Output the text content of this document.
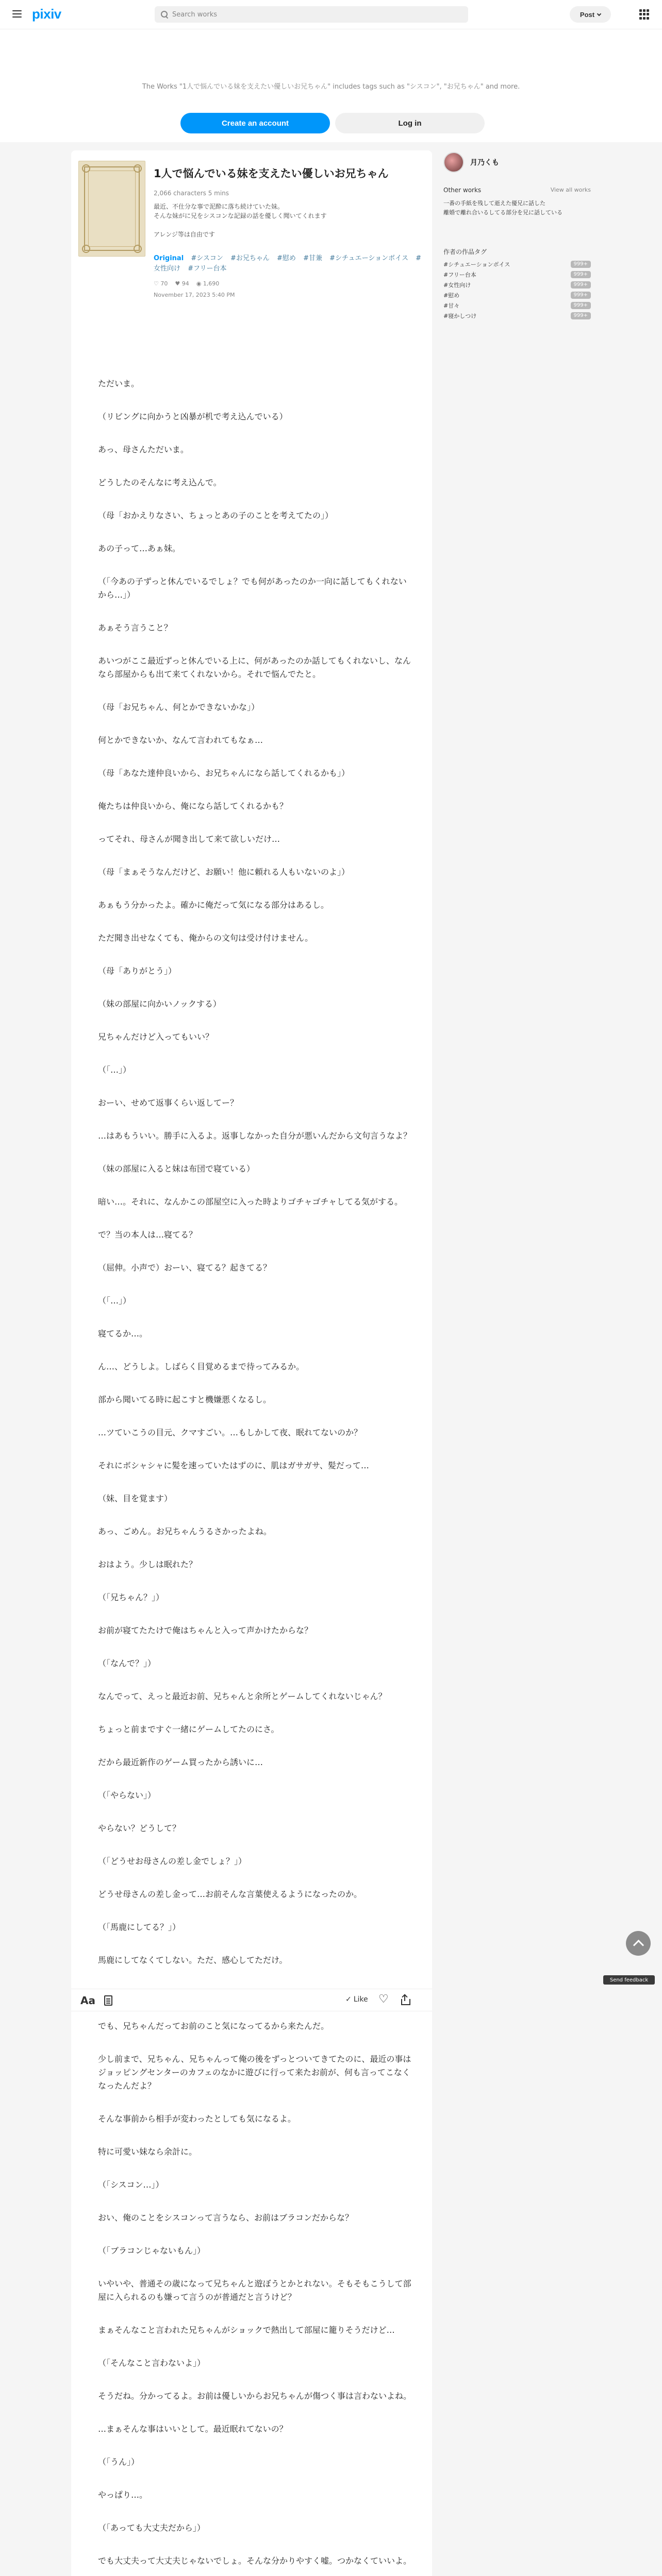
pixiv
Search works	Post
The Works "1人で悩んでいる妹を支えたい優しいお兄ちゃん" includes tags such as "シスコン", "お兄ちゃん" and more.
Create an account	Log in
1人で悩んでいる妹を支えたい優しいお兄ちゃん
2,066 characters 5 mins
最近、不仕分な事で泥酔に落ち続けていた妹。
そんな妹がに兄をシスコンな記録の話を優しく聞いてくれます

アレンジ等は自由です
Original #シスコン #お兄ちゃん #慰め #甘兼 #シチュエーションボイス #女性向け #フリー台本
♡ 70 ♥ 94 ◉ 1,690
November 17, 2023 5:40 PM

ただいま。

（リビングに向かうと凶暴が机で考え込んでいる）

あっ、母さんただいま。

どうしたのそんなに考え込んで。

（母「おかえりなさい、ちょっとあの子のことを考えてたの」）

あの子って…あぁ妹。

（「今あの子ずっと休んでいるでしょ？でも何があったのか一向に話してもくれないから…」）

あぁそう言うこと？

あいつがここ最近ずっと休んでいる上に、何があったのか話してもくれないし、なんなら部屋からも出て来てくれないから。それで悩んでたと。

（母「お兄ちゃん、何とかできないかな」）

何とかできないか、なんて言われてもなぁ…

（母「あなた達仲良いから、お兄ちゃんになら話してくれるかも」）

俺たちは仲良いから、俺になら話してくれるかも？

ってそれ、母さんが聞き出して来て欲しいだけ…

（母「まぁそうなんだけど、お願い！他に頼れる人もいないのよ」）

あぁもう分かったよ。確かに俺だって気になる部分はあるし。

ただ聞き出せなくても、俺からの文句は受け付けません。

（母「ありがとう」）

（妹の部屋に向かいノックする）

兄ちゃんだけど入ってもいい？

（「…」）

おーい、せめて返事くらい返してー？

…はあもういい。勝手に入るよ。返事しなかった自分が悪いんだから文句言うなよ？

（妹の部屋に入ると妹は布団で寝ている）

暗い…。それに、なんかこの部屋空に入った時よりゴチャゴチャしてる気がする。

で？当の本人は…寝てる？

（屈伸。小声で）おーい、寝てる？起きてる？

（「…」）

寝てるか…。

ん…、どうしよ。しばらく目覚めるまで待ってみるか。

部から聞いてる時に起こすと機嫌悪くなるし。

…ツていこうの目元、クマすごい。…もしかして夜、眠れてないのか？

それにボシャシャに髪を速っていたはずのに、肌はガサガサ、髪だって…

（妹、目を覚ます）

あっ、ごめん。お兄ちゃんうるさかったよね。

おはよう。少しは眠れた？

（「兄ちゃん？」）

お前が寝てたたけで俺はちゃんと入って声かけたからな？

（「なんで？」）

なんでって、えっと最近お前、兄ちゃんと余所とゲームしてくれないじゃん？

ちょっと前まですぐ一緒にゲームしてたのにさ。

だから最近新作のゲーム買ったから誘いに…

（「やらない」）

やらない？どうして？

（「どうせお母さんの差し金でしょ？」）

どうせ母さんの差し金って…お前そんな言葉使えるようになったのか。

（「馬鹿にしてる？」）

馬鹿にしてなくてしない。ただ、感心してただけ。

でも、兄ちゃんだってお前のこと気になってるから来たんだ。

少し前まで、兄ちゃん、兄ちゃんって俺の後をずっとついてきてたのに、最近の事はジョッピングセンターのカフェのなかに遊びに行って来たお前が、何も言ってこなくなったんだよ？

そんな事前から相手が変わったとしても気になるよ。

特に可愛い妹なら余計に。

（「シスコン…」）

おい、俺のことをシスコンって言うなら、お前はブラコンだからな？

（「ブラコンじゃないもん」）

いやいや、普通その歳になって兄ちゃんと遊ぼうとかとれない。そもそもこうして部屋に入られるのも嫌って言うのが普通だと言うけど？

まぁそんなこと言われた兄ちゃんがショックで熱出して部屋に籠りそうだけど…

（「そんなこと言わないよ」）

そうだね。分かってるよ。お前は優しいからお兄ちゃんが傷つく事は言わないよね。

…まぁそんな事はいいとして。最近眠れてないの？

（「うん」）

やっぱり…。

（「あっても大丈夫だから」）

でも大丈夫って大丈夫じゃないでしょ。そんな分かりやすく嘘。つかなくていいよ。

Aa	✓ Like ♡
月乃くも
Other works	View all works
一番の手紙を残して逝えた優兄に話した
離婚で離れ合いるしてる部分を兄に話している
作者の作品タグ
#シチュエーションボイス	999+
#フリー台本	999+
#女性向け	999+
#慰め	999+
#甘々	999+
#寝かしつけ	999+
Send feedback
